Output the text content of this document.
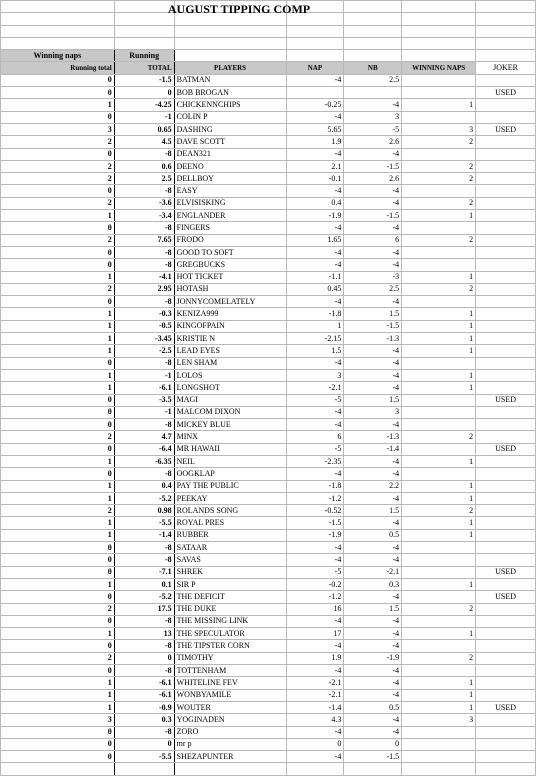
Winning naps	Running					
Running total	TOTAL	PLAYERS	NAP	NB	WINNING NAPS	JOKER
0	-1.5	BATMAN	-4	2.5		
0	0	BOB BROGAN				USED
1	-4.25	CHICKENNCHIPS	-0.25	-4	1	
0	-1	COLIN P	-4	3		
3	0.65	DASHING	5.65	-5	3	USED
2	4.5	DAVE SCOTT	1.9	2.6	2	
0	-8	DEAN321	-4	-4		
2	0.6	DEENO	2.1	-1.5	2	
2	2.5	DELLBOY	-0.1	2.6	2	
0	-8	EASY	-4	-4		
2	-3.6	ELVISISKING	0.4	-4	2	
1	-3.4	ENGLANDER	-1.9	-1.5	1	
0	-8	FINGERS	-4	-4		
2	7.65	FRODO	1.65	6	2	
0	-8	GOOD TO SOFT	-4	-4		
0	-8	GREGBUCKS	-4	-4		
1	-4.1	HOT TICKET	-1.1	-3	1	
2	2.95	HOTASH	0.45	2.5	2	
0	-8	JONNYCOMELATELY	-4	-4		
1	-0.3	KENIZA999	-1.8	1.5	1	
1	-0.5	KINGOFPAIN	1	-1.5	1	
1	-3.45	KRISTIE N	-2.15	-1.3	1	
1	-2.5	LEAD EYES	1.5	-4	1	
0	-8	LEN SHAM	-4	-4		
1	-1	LOLOS	3	-4	1	
1	-6.1	LONGSHOT	-2.1	-4	1	
0	-3.5	MAGI	-5	1.5		USED
0	-1	MALCOM DIXON	-4	3		
0	-8	MICKEY BLUE	-4	-4		
2	4.7	MINX	6	-1.3	2	
0	-6.4	MR HAWAII	-5	-1.4		USED
1	-6.35	NEIL	-2.35	-4	1	
0	-8	OOGKLAP	-4	-4		
1	0.4	PAY THE PUBLIC	-1.8	2.2	1	
1	-5.2	PEEKAY	-1.2	-4	1	
2	0.98	ROLANDS SONG	-0.52	1.5	2	
1	-5.5	ROYAL PRES	-1.5	-4	1	
1	-1.4	RUBBER	-1.9	0.5	1	
0	-8	SATAAR	-4	-4		
0	-8	SAVAS	-4	-4		
0	-7.1	SHREK	-5	-2.1		USED
1	0.1	SIR P	-0.2	0.3	1	
0	-5.2	THE DEFICIT	-1.2	-4		USED
2	17.5	THE DUKE	16	1.5	2	
0	-8	THE MISSING LINK	-4	-4		
1	13	THE SPECULATOR	17	-4	1	
0	-8	THE TIPSTER CORN	-4	-4		
2	0	TIMOTHY	1.9	-1.9	2	
0	-8	TOTTENHAM	-4	-4		
1	-6.1	WHITELINE FEV	-2.1	-4	1	
1	-6.1	WONBYAMILE	-2.1	-4	1	
1	-0.9	WOUTER	-1.4	0.5	1	USED
3	0.3	YOGINADEN	4.3	-4	3	
0	-8	ZORO	-4	-4		
0	0	mr p	0	0		
0	-5.5	SHEZAPUNTER	-4	-1.5		

AUGUST TIPPING COMP
